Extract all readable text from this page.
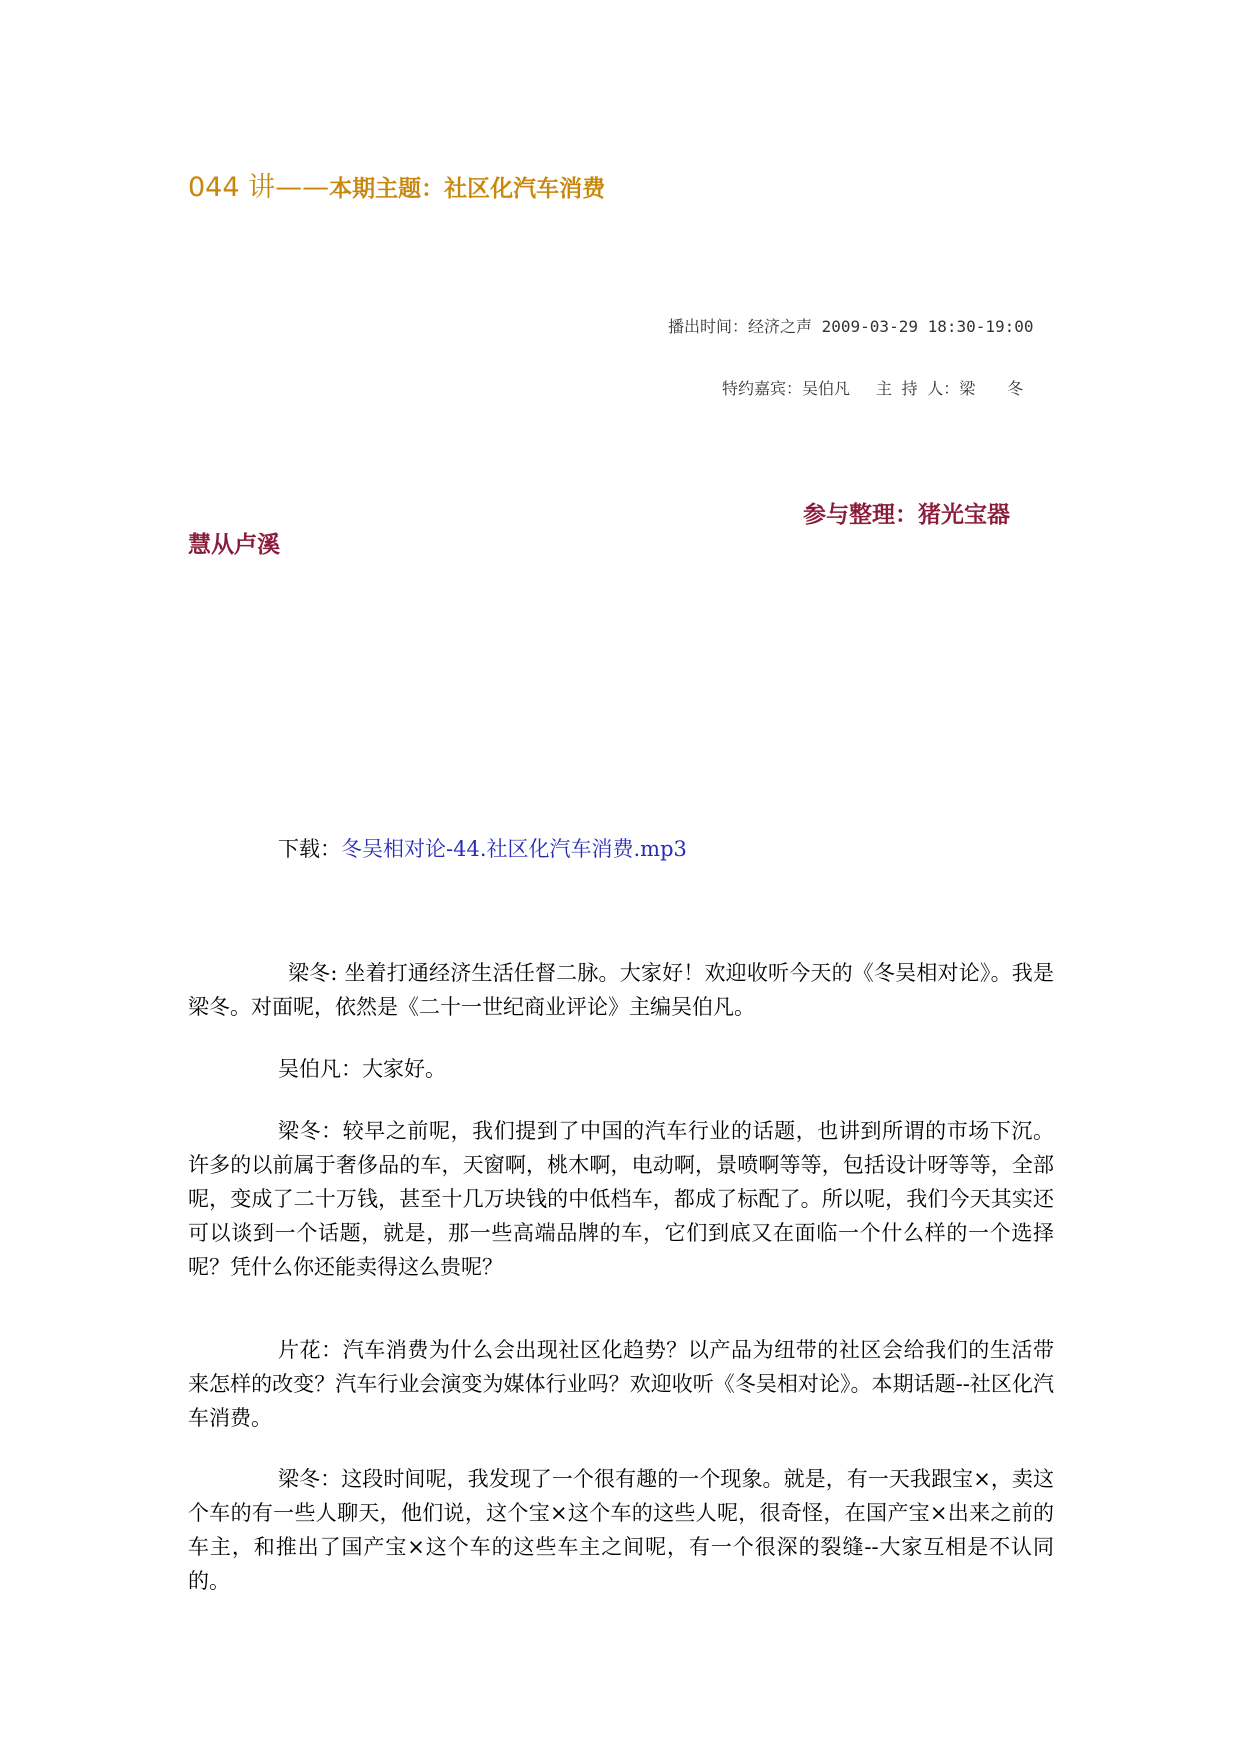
044 讲——本期主题：社区化汽车消费
播出时间：经济之声 2009-03-29 18:30-19:00
特约嘉宾：吴伯凡 主 持 人：梁 冬
参与整理：猪光宝器
慧从卢溪
下载：冬吴相对论-44.社区化汽车消费.mp3

梁冬: 坐着打通经济生活任督二脉。大家好！欢迎收听今天的《冬吴相对论》。我是梁冬。对面呢，依然是《二十一世纪商业评论》主编吴伯凡。

吴伯凡：大家好。

梁冬：较早之前呢，我们提到了中国的汽车行业的话题，也讲到所谓的市场下沉。许多的以前属于奢侈品的车，天窗啊，桃木啊，电动啊，景喷啊等等，包括设计呀等等，全部呢，变成了二十万钱，甚至十几万块钱的中低档车，都成了标配了。所以呢，我们今天其实还可以谈到一个话题，就是，那一些高端品牌的车，它们到底又在面临一个什么样的一个选择呢？凭什么你还能卖得这么贵呢？

片花：汽车消费为什么会出现社区化趋势？以产品为纽带的社区会给我们的生活带来怎样的改变？汽车行业会演变为媒体行业吗？欢迎收听《冬吴相对论》。本期话题--社区化汽车消费。

梁冬：这段时间呢，我发现了一个很有趣的一个现象。就是，有一天我跟宝×，卖这个车的有一些人聊天，他们说，这个宝×这个车的这些人呢，很奇怪，在国产宝×出来之前的车主，和推出了国产宝×这个车的这些车主之间呢，有一个很深的裂缝--大家互相是不认同的。
